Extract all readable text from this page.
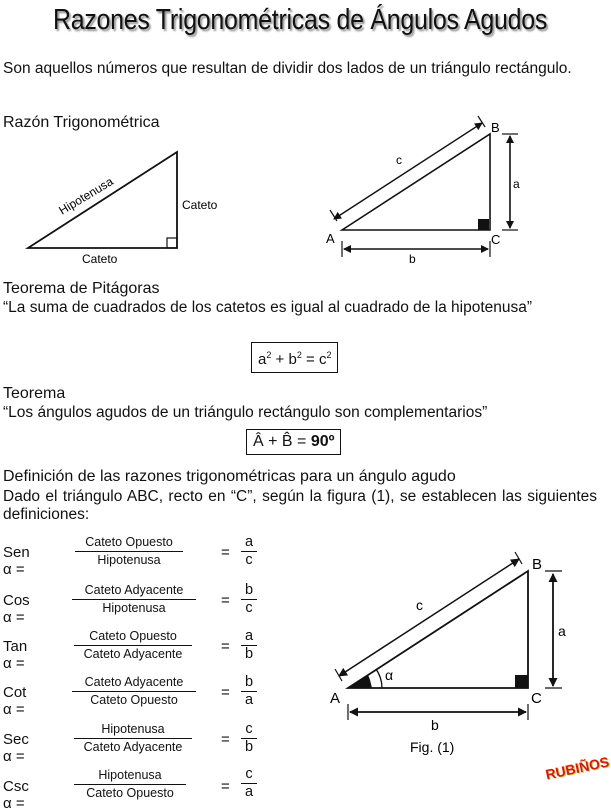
Razones Trigonométricas de Ángulos Agudos
Son aquellos números que resultan de dividir dos lados de un triángulo rectángulo.
Razón Trigonométrica
Hipotenusa	Cateto
Cateto
A
B
C
c
a
b
Teorema de Pitágoras
“La suma de cuadrados de los catetos es igual al cuadrado de la hipotenusa”
$a^2 + b^2 = c^2$
Teorema
“Los ángulos agudos de un triángulo rectángulo son complementarios”
Â + B̂ = 90º
Definición de las razones trigonométricas para un ángulo agudo
Dado el triángulo ABC, recto en “C”, según la figura (1), se establecen las siguientes definiciones:
Sen α =
Cateto Opuesto
Hipotenusa	= $\frac{a}{c}$
Cos α =
Cateto Adyacente
Hipotenusa	= $\frac{b}{c}$
Tan α =
Cateto Opuesto
Cateto Adyacente	= $\frac{a}{b}$
Cot α =
Cateto Adyacente
Cateto Opuesto	= $\frac{b}{a}$
Sec α =
Hipotenusa
Cateto Adyacente	= $\frac{c}{b}$
Csc α =
Hipotenusa
Cateto Opuesto	= $\frac{c}{a}$
A
B
C
c
a
b
α
Fig. (1)
RUBIÑOS
